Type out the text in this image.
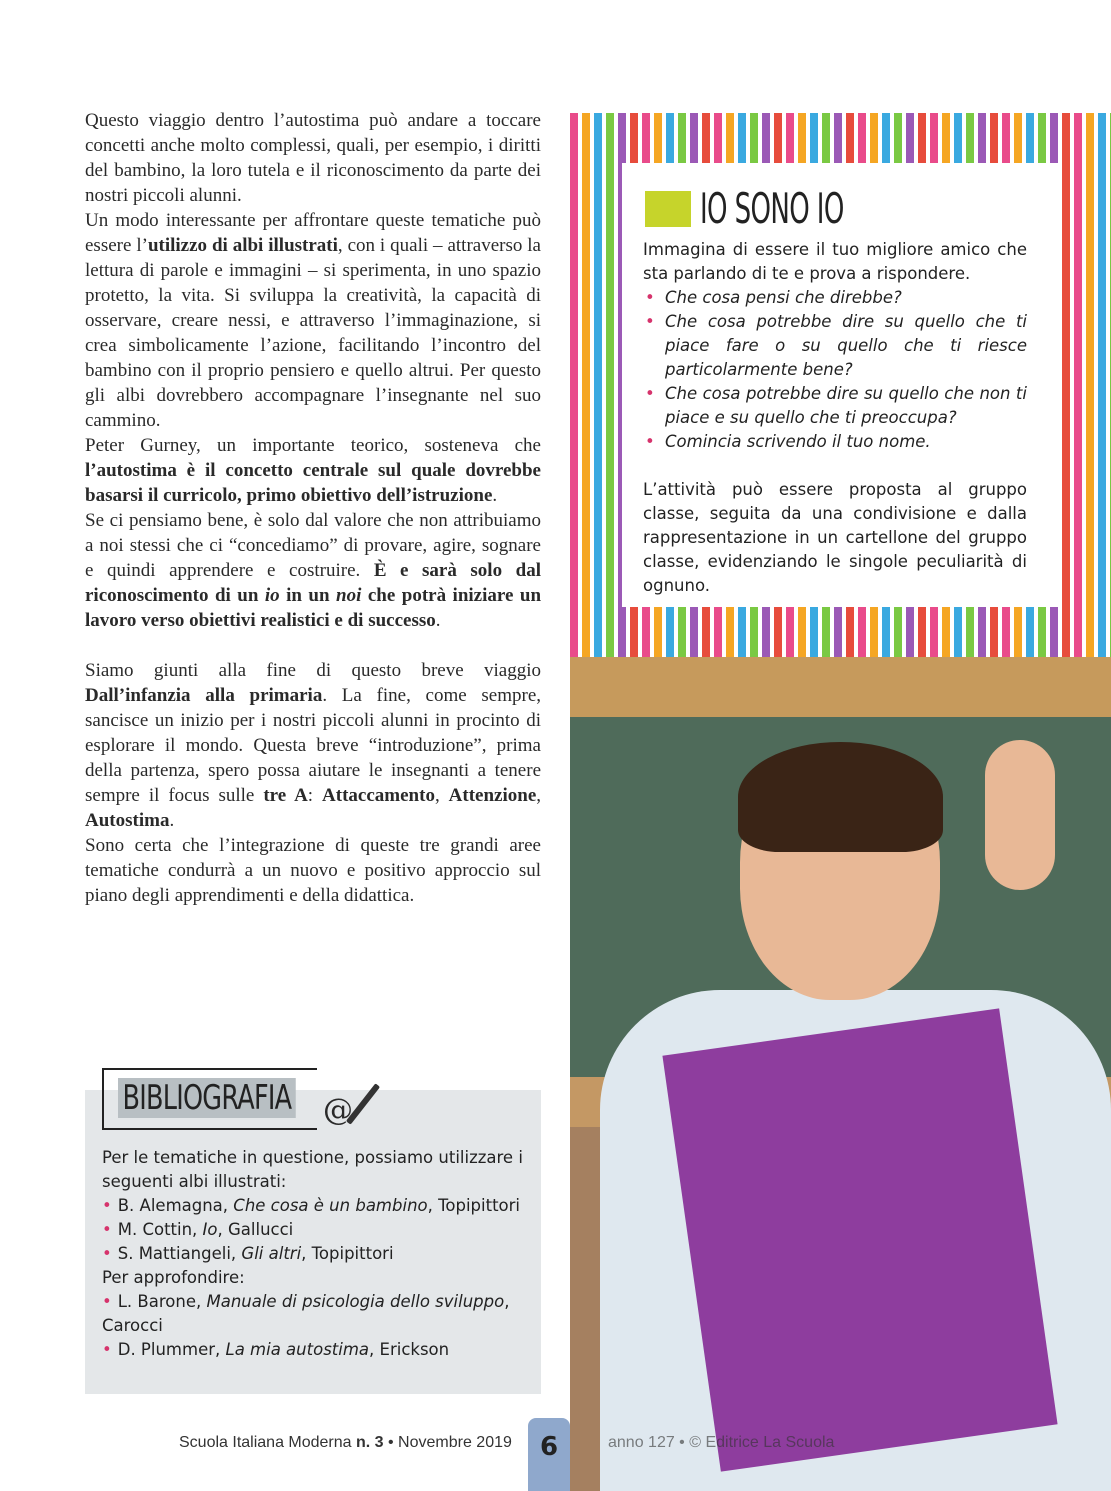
Questo viaggio dentro l’autostima può andare a toccare concetti anche molto complessi, quali, per esempio, i diritti del bambino, la loro tutela e il riconoscimento da parte dei nostri piccoli alunni.

Un modo interessante per affrontare queste tematiche può essere l’utilizzo di albi illustrati, con i quali – attraverso la lettura di parole e immagini – si sperimenta, in uno spazio protetto, la vita. Si sviluppa la creatività, la capacità di osservare, creare nessi, e attraverso l’immaginazione, si crea simbolicamente l’azione, facilitando l’incontro del bambino con il proprio pensiero e quello altrui. Per questo gli albi dovrebbero accompagnare l’insegnante nel suo cammino.

Peter Gurney, un importante teorico, sosteneva che l’autostima è il concetto centrale sul quale dovrebbe basarsi il curricolo, primo obiettivo dell’istruzione.

Se ci pensiamo bene, è solo dal valore che non attribuiamo a noi stessi che ci “concediamo” di provare, agire, sognare e quindi apprendere e costruire. È e sarà solo dal riconoscimento di un io in un noi che potrà iniziare un lavoro verso obiettivi realistici e di successo.

Siamo giunti alla fine di questo breve viaggio Dall’infanzia alla primaria. La fine, come sempre, sancisce un inizio per i nostri piccoli alunni in procinto di esplorare il mondo. Questa breve “introduzione”, prima della partenza, spero possa aiutare le insegnanti a tenere sempre il focus sulle tre A: Attaccamento, Attenzione, Autostima.

Sono certa che l’integrazione di queste tre grandi aree tematiche condurrà a un nuovo e positivo approccio sul piano degli apprendimenti e della didattica.

BIBLIOGRAFIA @
Per le tematiche in questione, possiamo utilizzare i seguenti albi illustrati:
• B. Alemagna, Che cosa è un bambino, Topipittori
• M. Cottin, Io, Gallucci
• S. Mattiangeli, Gli altri, Topipittori
Per approfondire:
• L. Barone, Manuale di psicologia dello sviluppo, Carocci
• D. Plummer, La mia autostima, Erickson
IO SONO IO
Immagina di essere il tuo migliore amico che sta parlando di te e prova a rispondere.
• Che cosa pensi che direbbe?
• Che cosa potrebbe dire su quello che ti piace fare o su quello che ti riesce particolarmente bene?
• Che cosa potrebbe dire su quello che non ti piace e su quello che ti preoccupa?
• Comincia scrivendo il tuo nome.
L’attività può essere proposta al gruppo classe, seguita da una condivisione e dalla rappresentazione in un cartellone del gruppo classe, evidenziando le singole peculiarità di ognuno.
Scuola Italiana Moderna n. 3 • Novembre 2019	6	anno 127 • © Editrice La Scuola
